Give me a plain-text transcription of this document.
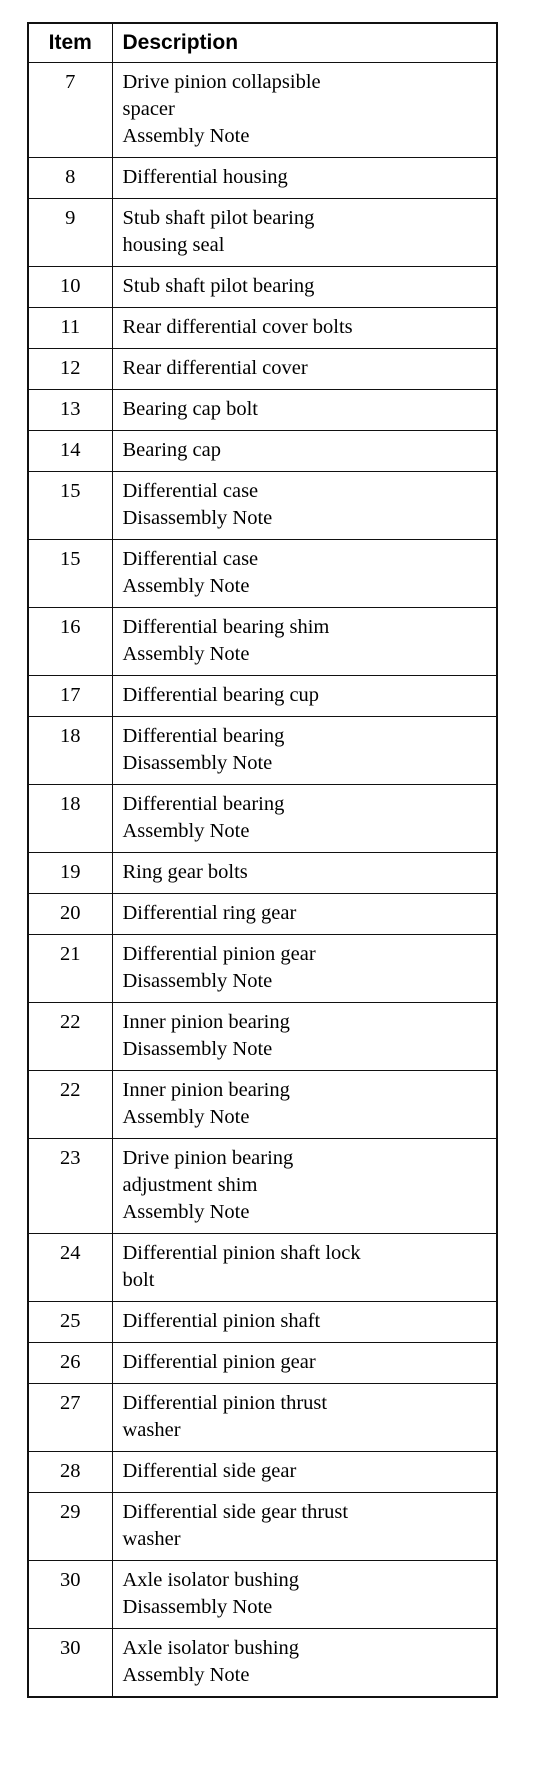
Item	Description
7	Drive pinion collapsible
spacer
Assembly Note

8	Differential housing

9	Stub shaft pilot bearing
housing seal

10	Stub shaft pilot bearing

11	Rear differential cover bolts

12	Rear differential cover

13	Bearing cap bolt

14	Bearing cap

15	Differential case
Disassembly Note

15	Differential case
Assembly Note

16	Differential bearing shim
Assembly Note

17	Differential bearing cup

18	Differential bearing
Disassembly Note

18	Differential bearing
Assembly Note

19	Ring gear bolts

20	Differential ring gear

21	Differential pinion gear
Disassembly Note

22	Inner pinion bearing
Disassembly Note

22	Inner pinion bearing
Assembly Note

23	Drive pinion bearing
adjustment shim
Assembly Note

24	Differential pinion shaft lock
bolt

25	Differential pinion shaft

26	Differential pinion gear

27	Differential pinion thrust
washer

28	Differential side gear

29	Differential side gear thrust
washer

30	Axle isolator bushing
Disassembly Note

30	Axle isolator bushing
Assembly Note
